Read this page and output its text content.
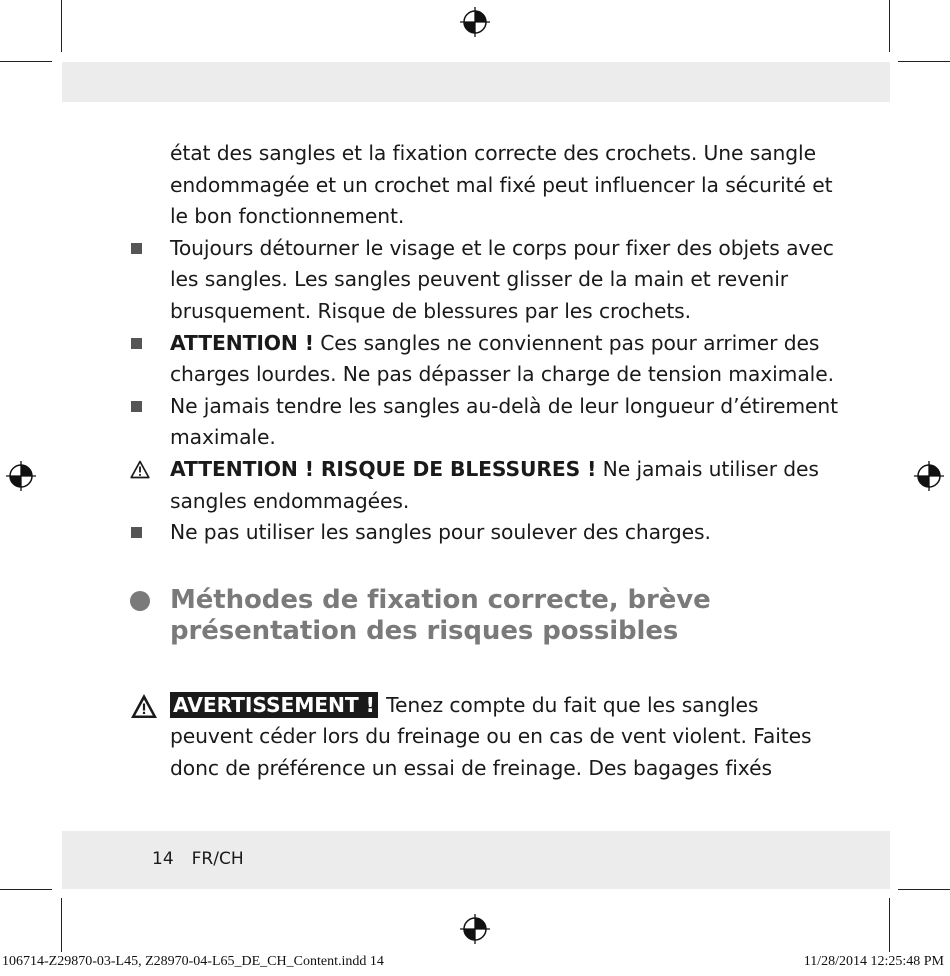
état des sangles et la fixation correcte des crochets. Une sangle endommagée et un crochet mal fixé peut influencer la sécurité et le bon fonctionnement.
Toujours détourner le visage et le corps pour fixer des objets avec les sangles. Les sangles peuvent glisser de la main et revenir brusquement. Risque de blessures par les crochets.
ATTENTION ! Ces sangles ne conviennent pas pour arrimer des charges lourdes. Ne pas dépasser la charge de tension maximale.
Ne jamais tendre les sangles au-delà de leur longueur d’étirement maximale.
ATTENTION ! RISQUE DE BLESSURES ! Ne jamais utiliser des sangles endommagées.
Ne pas utiliser les sangles pour soulever des charges.
Méthodes de fixation correcte, brève présentation des risques possibles
AVERTISSEMENT ! Tenez compte du fait que les sangles peuvent céder lors du freinage ou en cas de vent violent. Faites donc de préférence un essai de freinage. Des bagages fixés
14 FR/CH
106714-Z29870-03-L45, Z28970-04-L65_DE_CH_Content.indd 14	11/28/2014 12:25:48 PM
